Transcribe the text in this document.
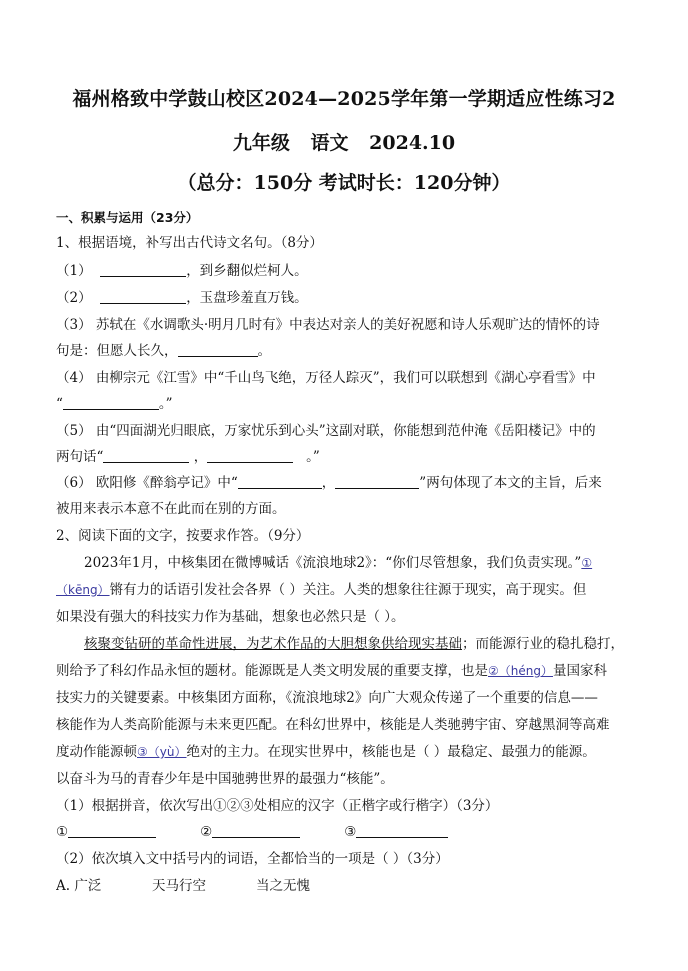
福州格致中学鼓山校区2024—2025学年第一学期适应性练习2
九年级 语文 2024.10
（总分：150分 考试时长：120分钟）
一、积累与运用（23分）
1、根据语境，补写出古代诗文名句。（8分）
（1）	，到乡翻似烂柯人。
（2）	，玉盘珍羞直万钱。
（3） 苏轼在《水调歌头·明月几时有》中表达对亲人的美好祝愿和诗人乐观旷达的情怀的诗
句是：但愿人长久，	。
（4） 由柳宗元《江雪》中“千山鸟飞绝，万径人踪灭”，我们可以联想到《湖心亭看雪》中
“	。”
（5） 由“四面湖光归眼底，万家忧乐到心头”这副对联，你能想到范仲淹《岳阳楼记》中的
两句话“	，	。”
（6） 欧阳修《醉翁亭记》中“	，	”两句体现了本文的主旨，后来
被用来表示本意不在此而在别的方面。
2、阅读下面的文字，按要求作答。（9分）
2023年1月，中核集团在微博喊话《流浪地球2》：“你们尽管想象，我们负责实现。”①
（kēng）锵有力的话语引发社会各界（ ）关注。人类的想象往往源于现实，高于现实。但
如果没有强大的科技实力作为基础，想象也必然只是（ ）。
核聚变钻研的革命性进展，为艺术作品的大胆想象供给现实基础；而能源行业的稳扎稳打，
则给予了科幻作品永恒的题材。能源既是人类文明发展的重要支撑，也是②（héng）量国家科
技实力的关键要素。中核集团方面称，《流浪地球2》向广大观众传递了一个重要的信息——
核能作为人类高阶能源与未来更匹配。在科幻世界中，核能是人类驰骋宇宙、穿越黑洞等高难
度动作能源顿③（yù）绝对的主力。在现实世界中，核能也是（ ）最稳定、最强力的能源。
以奋斗为马的青春少年是中国驰骋世界的最强力“核能”。
（1）根据拼音，依次写出①②③处相应的汉字（正楷字或行楷字）（3分）
①	②	③
（2）依次填入文中括号内的词语，全都恰当的一项是（ ）（3分）
A. 广泛	天马行空	当之无愧
